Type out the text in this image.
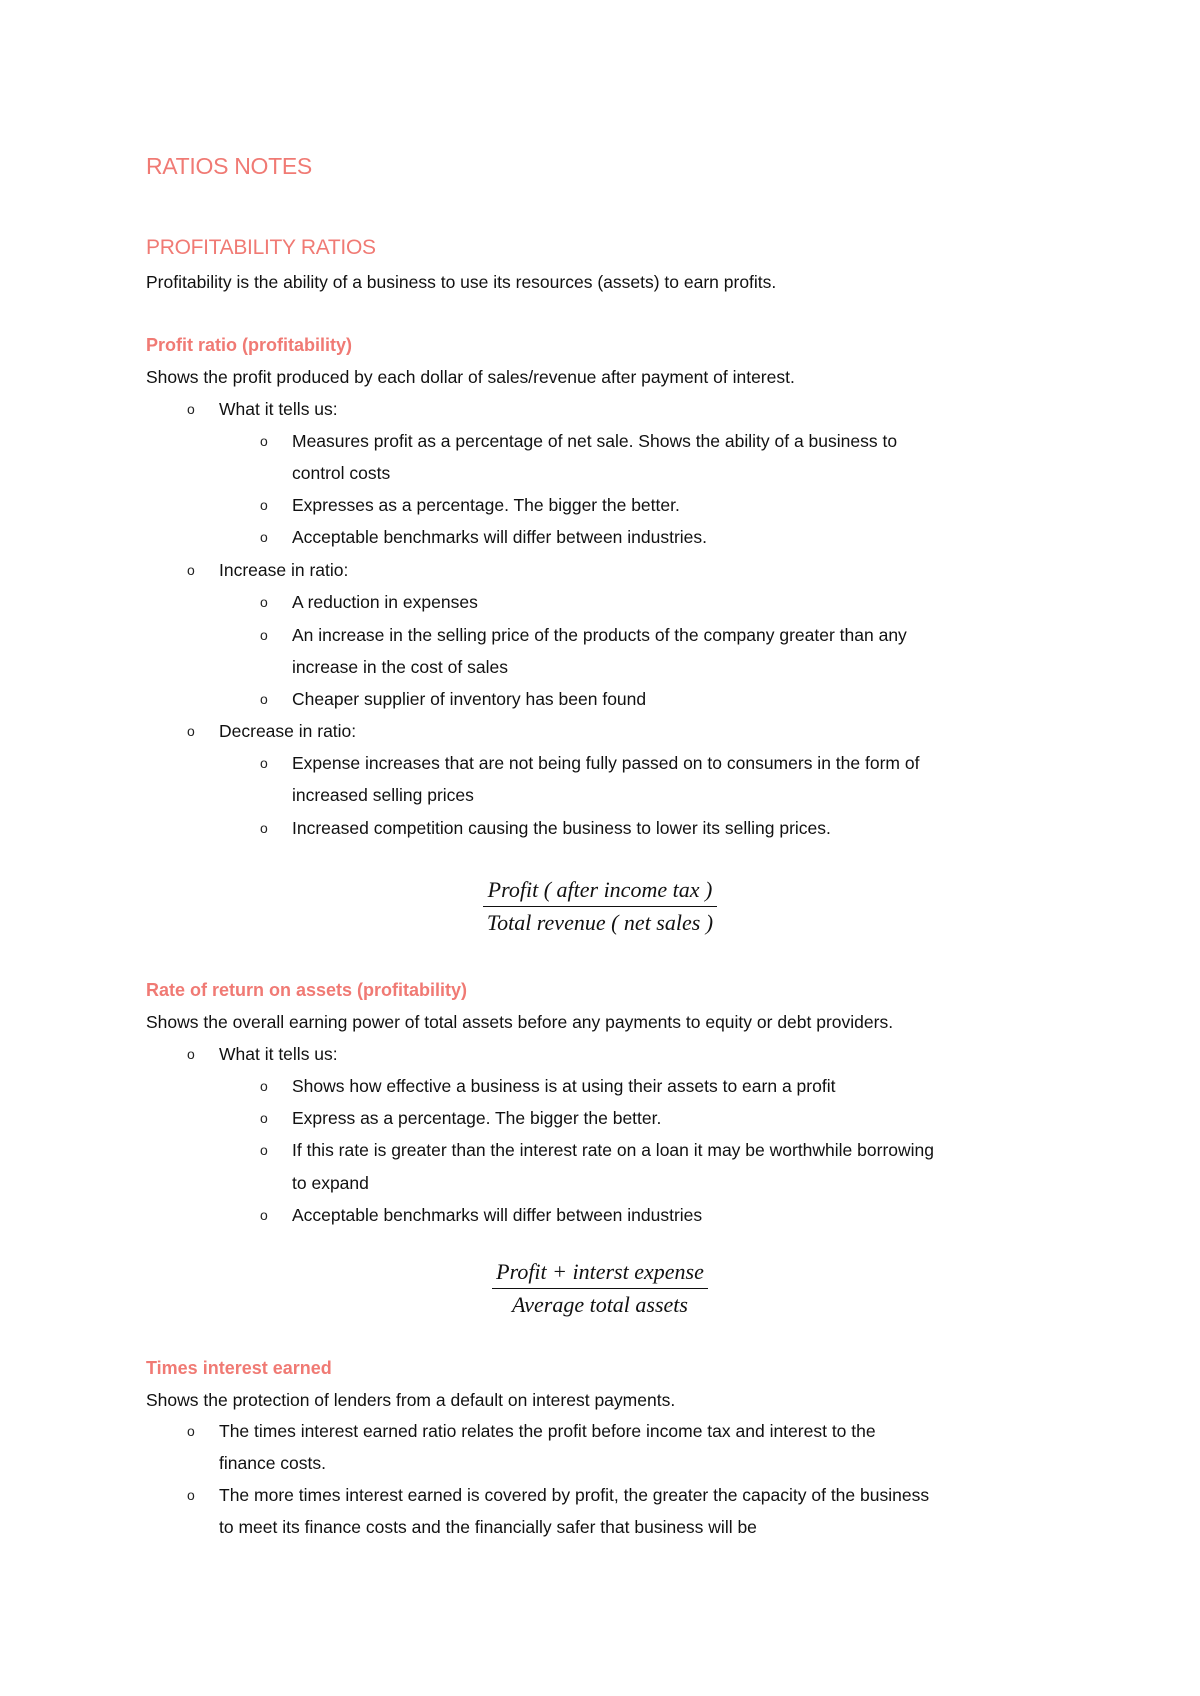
RATIOS NOTES
PROFITABILITY RATIOS

Profitability is the ability of a business to use its resources (assets) to earn profits.

Profit ratio (profitability)

Shows the profit produced by each dollar of sales/revenue after payment of interest.

o	What it tells us:
o	Measures profit as a percentage of net sale. Shows the ability of a business to
control costs
o	Expresses as a percentage. The bigger the better.
o	Acceptable benchmarks will differ between industries.
o	Increase in ratio:
o	A reduction in expenses
o	An increase in the selling price of the products of the company greater than any
increase in the cost of sales
o	Cheaper supplier of inventory has been found
o	Decrease in ratio:
o	Expense increases that are not being fully passed on to consumers in the form of
increased selling prices
o	Increased competition causing the business to lower its selling prices.
$\frac{\text{Profit ( after income tax )}}{\text{Total revenue ( net sales )}}$
Rate of return on assets (profitability)

Shows the overall earning power of total assets before any payments to equity or debt providers.

o	What it tells us:
o	Shows how effective a business is at using their assets to earn a profit
o	Express as a percentage. The bigger the better.
o	If this rate is greater than the interest rate on a loan it may be worthwhile borrowing
to expand
o	Acceptable benchmarks will differ between industries
$\frac{\text{Profit + interst expense}}{\text{Average total assets}}$
Times interest earned

Shows the protection of lenders from a default on interest payments.

o	The times interest earned ratio relates the profit before income tax and interest to the
finance costs.
o	The more times interest earned is covered by profit, the greater the capacity of the business
to meet its finance costs and the financially safer that business will be
